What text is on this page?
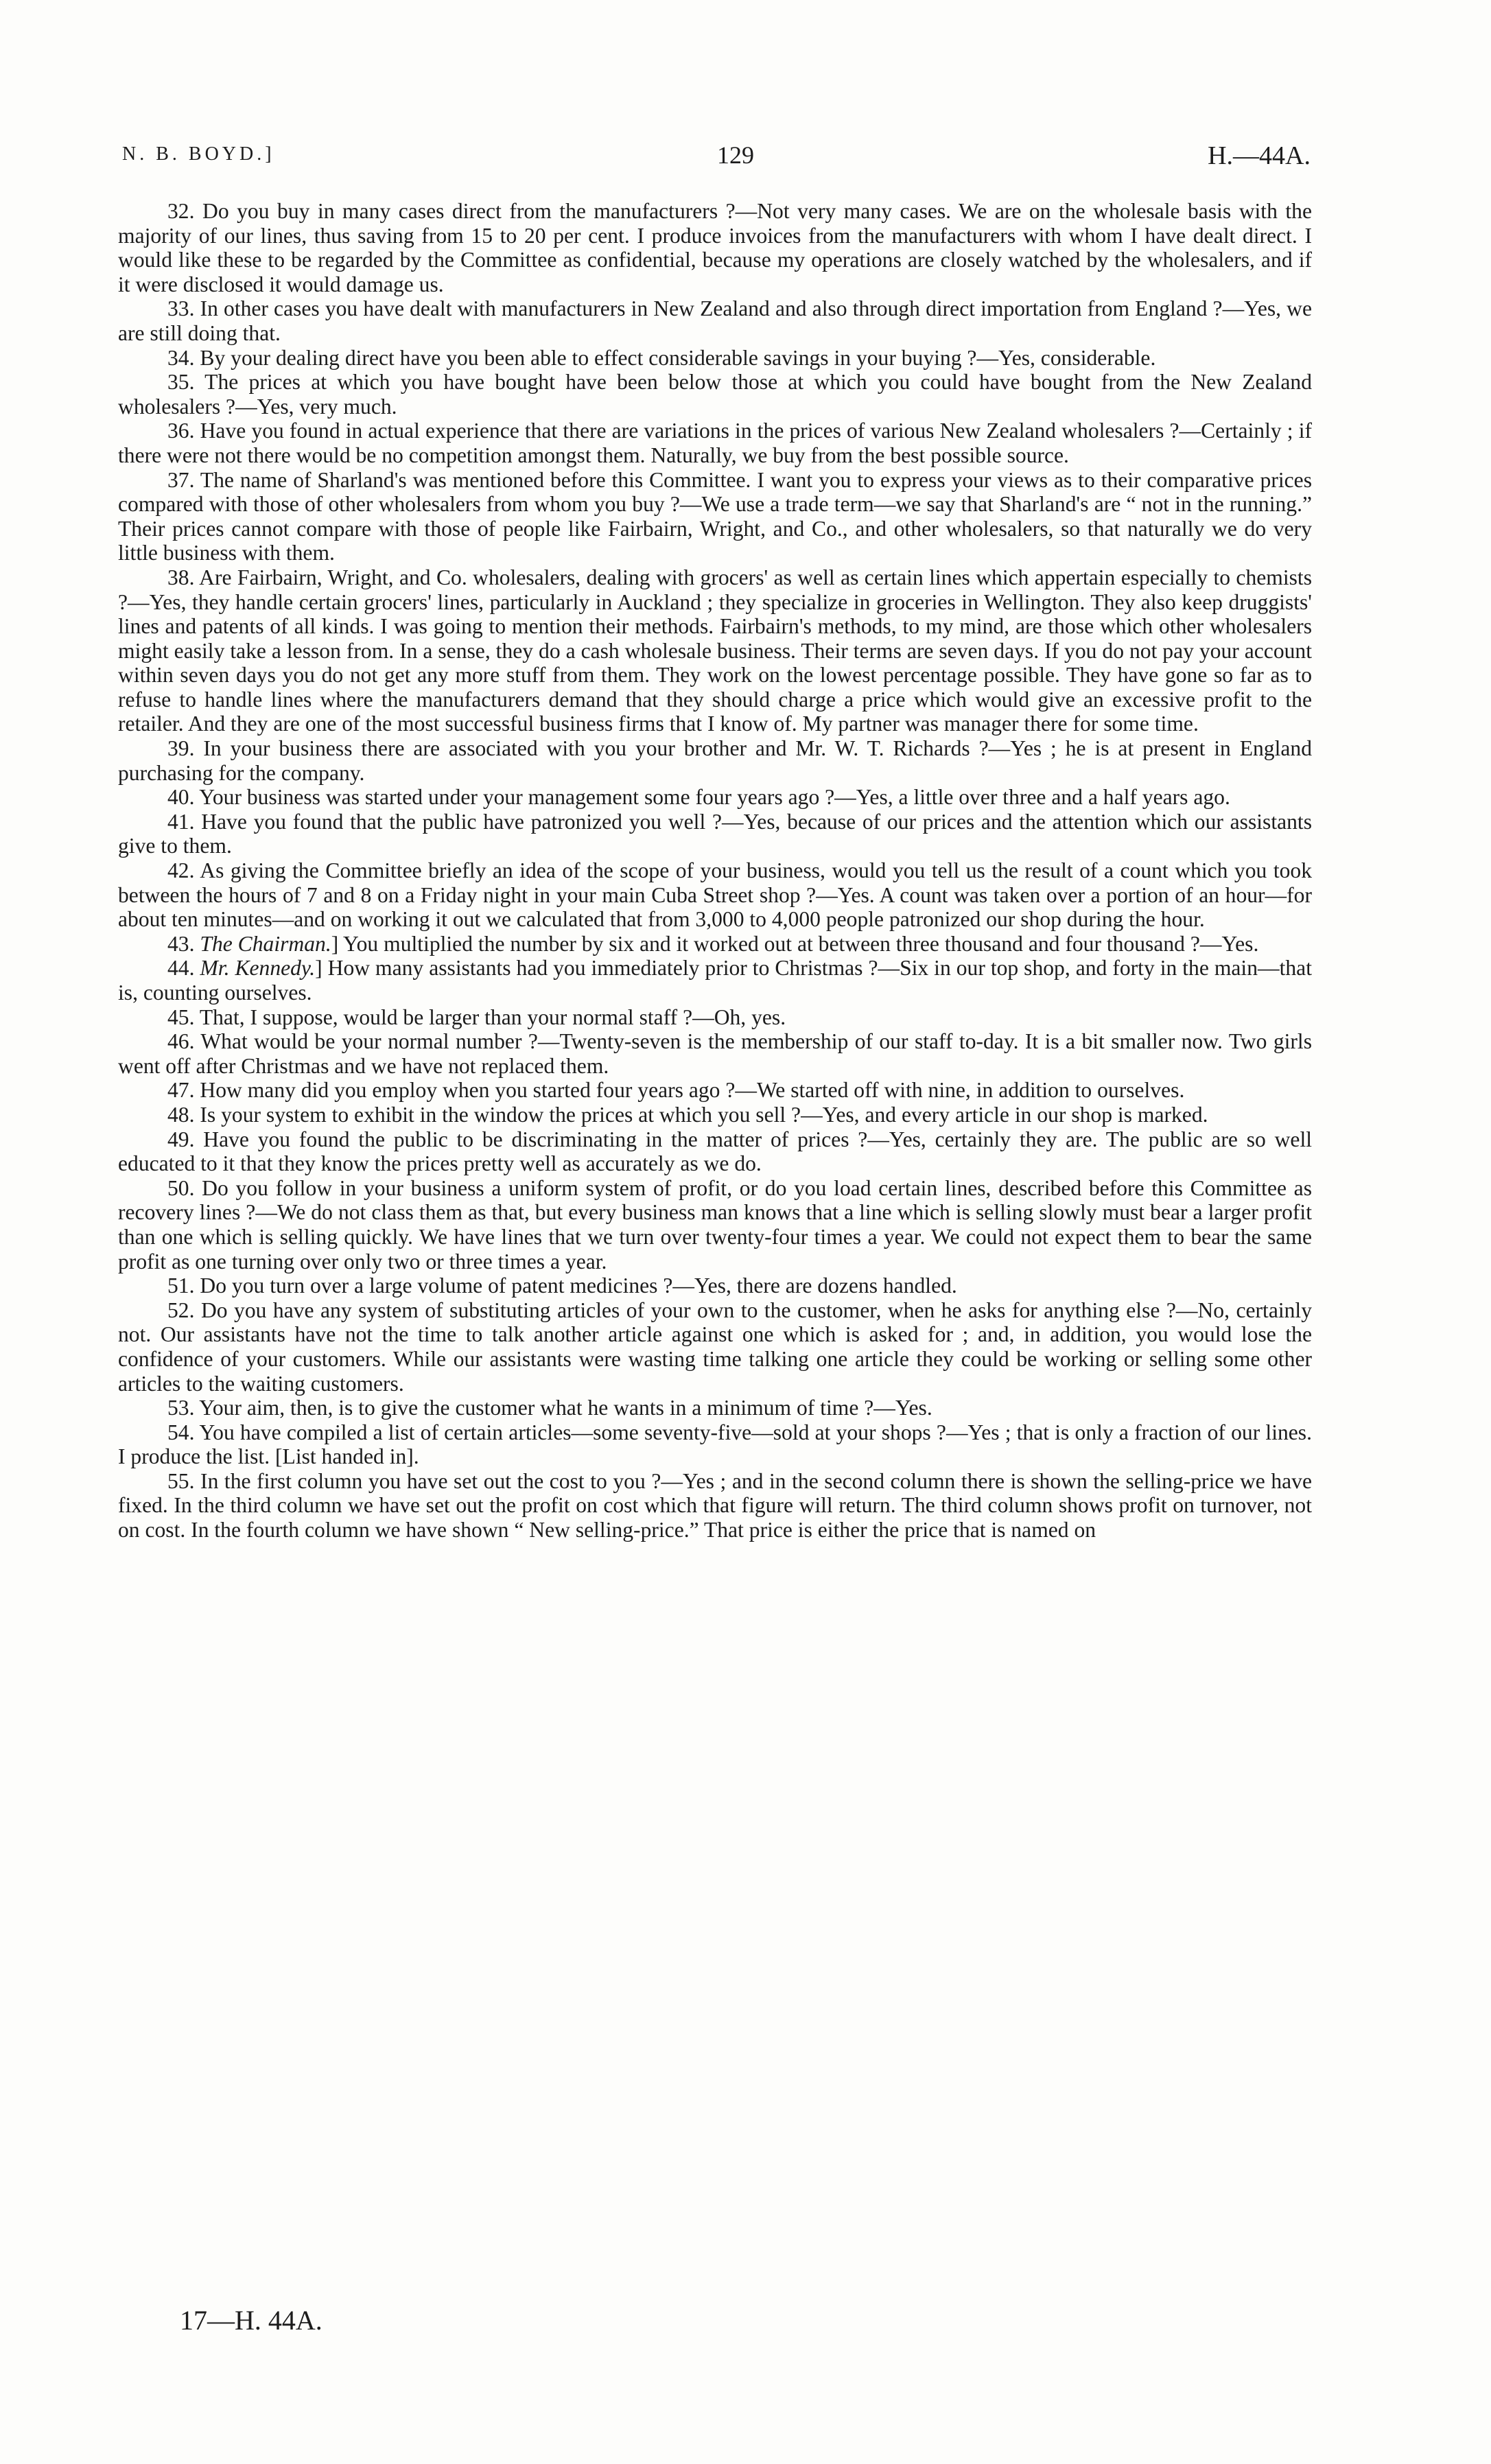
N. B. BOYD.]	129	H.—44A.

32. Do you buy in many cases direct from the manufacturers ?—Not very many cases. We are on the wholesale basis with the majority of our lines, thus saving from 15 to 20 per cent. I produce invoices from the manufacturers with whom I have dealt direct. I would like these to be regarded by the Committee as confidential, because my operations are closely watched by the wholesalers, and if it were disclosed it would damage us.

33. In other cases you have dealt with manufacturers in New Zealand and also through direct importation from England ?—Yes, we are still doing that.

34. By your dealing direct have you been able to effect considerable savings in your buying ?—Yes, considerable.

35. The prices at which you have bought have been below those at which you could have bought from the New Zealand wholesalers ?—Yes, very much.

36. Have you found in actual experience that there are variations in the prices of various New Zealand wholesalers ?—Certainly ; if there were not there would be no competition amongst them. Naturally, we buy from the best possible source.

37. The name of Sharland's was mentioned before this Committee. I want you to express your views as to their comparative prices compared with those of other wholesalers from whom you buy ?—We use a trade term—we say that Sharland's are “ not in the running.” Their prices cannot compare with those of people like Fairbairn, Wright, and Co., and other wholesalers, so that naturally we do very little business with them.

38. Are Fairbairn, Wright, and Co. wholesalers, dealing with grocers' as well as certain lines which appertain especially to chemists ?—Yes, they handle certain grocers' lines, particularly in Auckland ; they specialize in groceries in Wellington. They also keep druggists' lines and patents of all kinds. I was going to mention their methods. Fairbairn's methods, to my mind, are those which other wholesalers might easily take a lesson from. In a sense, they do a cash wholesale business. Their terms are seven days. If you do not pay your account within seven days you do not get any more stuff from them. They work on the lowest percentage possible. They have gone so far as to refuse to handle lines where the manufacturers demand that they should charge a price which would give an excessive profit to the retailer. And they are one of the most successful business firms that I know of. My partner was manager there for some time.

39. In your business there are associated with you your brother and Mr. W. T. Richards ?—Yes ; he is at present in England purchasing for the company.

40. Your business was started under your management some four years ago ?—Yes, a little over three and a half years ago.

41. Have you found that the public have patronized you well ?—Yes, because of our prices and the attention which our assistants give to them.

42. As giving the Committee briefly an idea of the scope of your business, would you tell us the result of a count which you took between the hours of 7 and 8 on a Friday night in your main Cuba Street shop ?—Yes. A count was taken over a portion of an hour—for about ten minutes—and on working it out we calculated that from 3,000 to 4,000 people patronized our shop during the hour.

43. The Chairman.] You multiplied the number by six and it worked out at between three thousand and four thousand ?—Yes.

44. Mr. Kennedy.] How many assistants had you immediately prior to Christmas ?—Six in our top shop, and forty in the main—that is, counting ourselves.

45. That, I suppose, would be larger than your normal staff ?—Oh, yes.

46. What would be your normal number ?—Twenty-seven is the membership of our staff to-day. It is a bit smaller now. Two girls went off after Christmas and we have not replaced them.

47. How many did you employ when you started four years ago ?—We started off with nine, in addition to ourselves.

48. Is your system to exhibit in the window the prices at which you sell ?—Yes, and every article in our shop is marked.

49. Have you found the public to be discriminating in the matter of prices ?—Yes, certainly they are. The public are so well educated to it that they know the prices pretty well as accurately as we do.

50. Do you follow in your business a uniform system of profit, or do you load certain lines, described before this Committee as recovery lines ?—We do not class them as that, but every business man knows that a line which is selling slowly must bear a larger profit than one which is selling quickly. We have lines that we turn over twenty-four times a year. We could not expect them to bear the same profit as one turning over only two or three times a year.

51. Do you turn over a large volume of patent medicines ?—Yes, there are dozens handled.

52. Do you have any system of substituting articles of your own to the customer, when he asks for anything else ?—No, certainly not. Our assistants have not the time to talk another article against one which is asked for ; and, in addition, you would lose the confidence of your customers. While our assistants were wasting time talking one article they could be working or selling some other articles to the waiting customers.

53. Your aim, then, is to give the customer what he wants in a minimum of time ?—Yes.

54. You have compiled a list of certain articles—some seventy-five—sold at your shops ?—Yes ; that is only a fraction of our lines. I produce the list. [List handed in].

55. In the first column you have set out the cost to you ?—Yes ; and in the second column there is shown the selling-price we have fixed. In the third column we have set out the profit on cost which that figure will return. The third column shows profit on turnover, not on cost. In the fourth column we have shown “ New selling-price.” That price is either the price that is named on

17—H. 44A.
